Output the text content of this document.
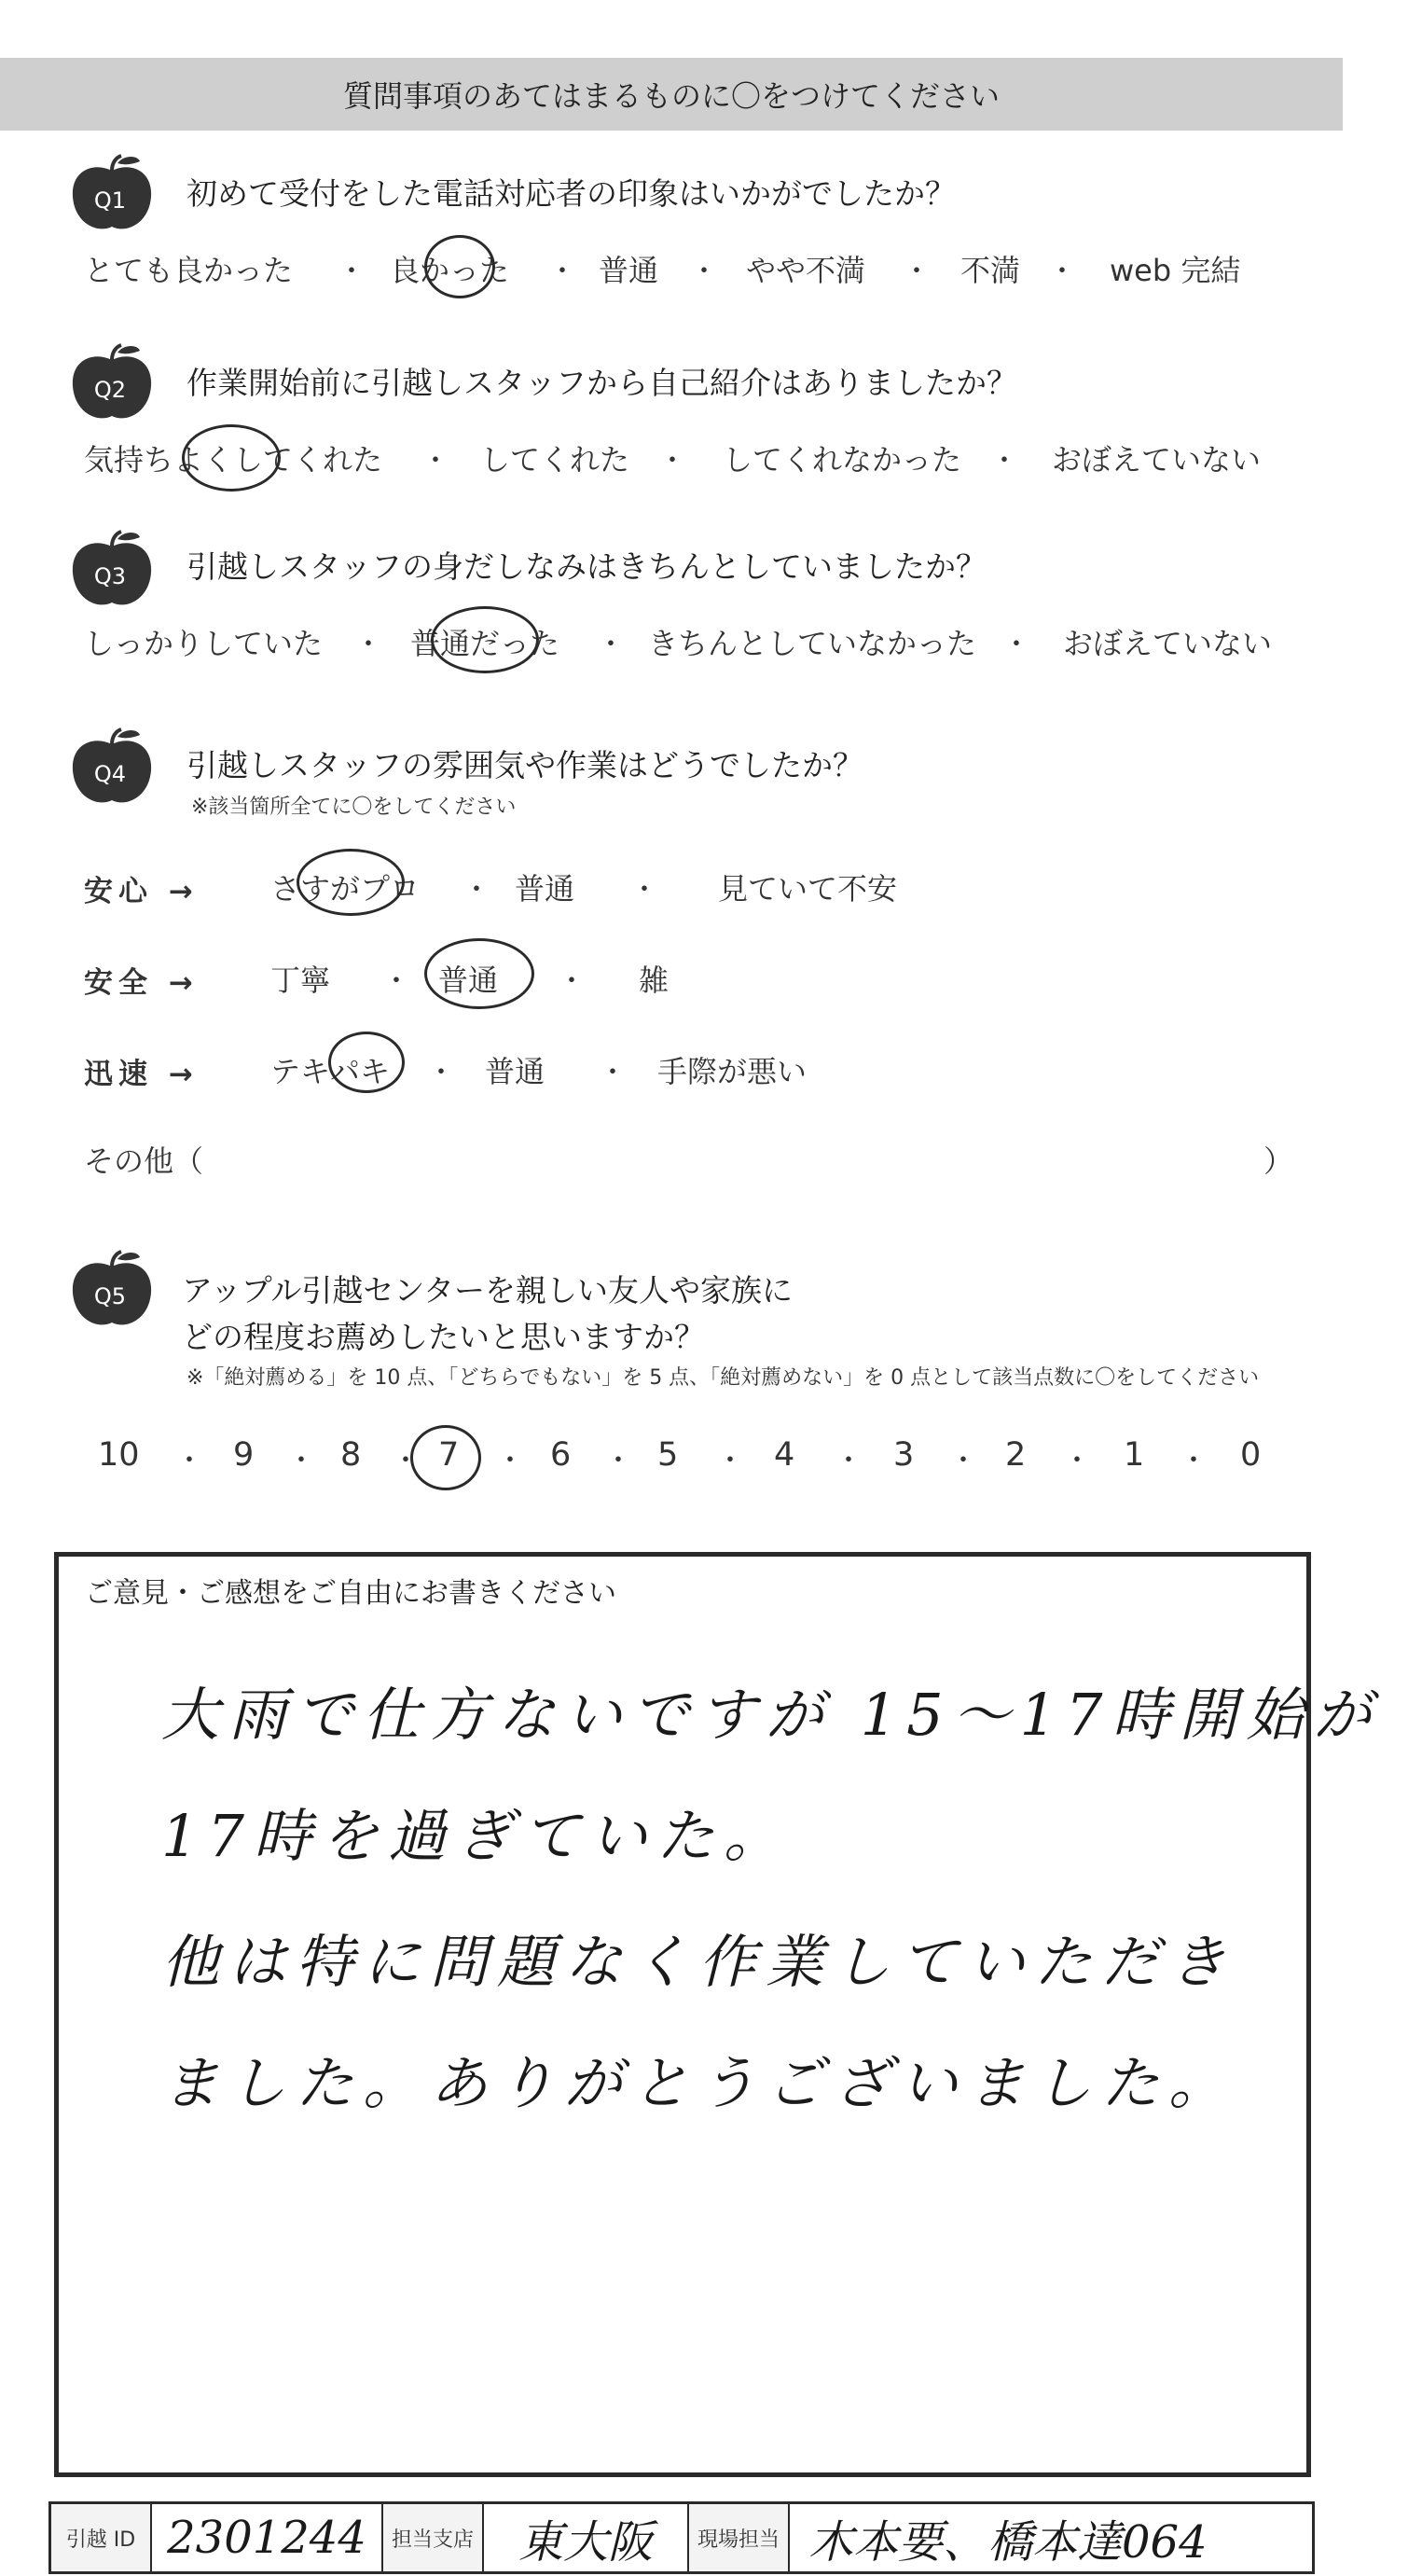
質問事項のあてはまるものに〇をつけてください
Q1 初めて受付をした電話対応者の印象はいかがでしたか？
とても良かった ・ 良かった ・ 普通 ・ やや不満 ・ 不満 ・ web 完結
Q2 作業開始前に引越しスタッフから自己紹介はありましたか？
気持ちよくしてくれた ・ してくれた ・ してくれなかった ・ おぼえていない
Q3 引越しスタッフの身だしなみはきちんとしていましたか？
しっかりしていた ・ 普通だった ・ きちんとしていなかった ・ おぼえていない
Q4 引越しスタッフの雰囲気や作業はどうでしたか？
※該当箇所全てに〇をしてください
安心 → さすがプロ ・ 普通 ・ 見ていて不安
安全 → 丁寧 ・ 普通 ・ 雑
迅速 → テキパキ ・ 普通 ・ 手際が悪い
その他（	）
Q5 アップル引越センターを親しい友人や家族に
どの程度お薦めしたいと思いますか？
※「絶対薦める」を 10 点、「どちらでもない」を 5 点、「絶対薦めない」を 0 点として該当点数に〇をしてください
10 ・ 9 ・ 8 ・ 7 ・ 6 ・ 5 ・ 4 ・ 3 ・ 2 ・ 1 ・ 0
ご意見・ご感想をご自由にお書きください
大雨で仕方ないですが 15～17時開始が
17時を過ぎていた。
他は特に問題なく作業していただき
ました。ありがとうございました。
引越 ID 2301244	担当支店 東大阪	現場担当 木本要、橋本達064
